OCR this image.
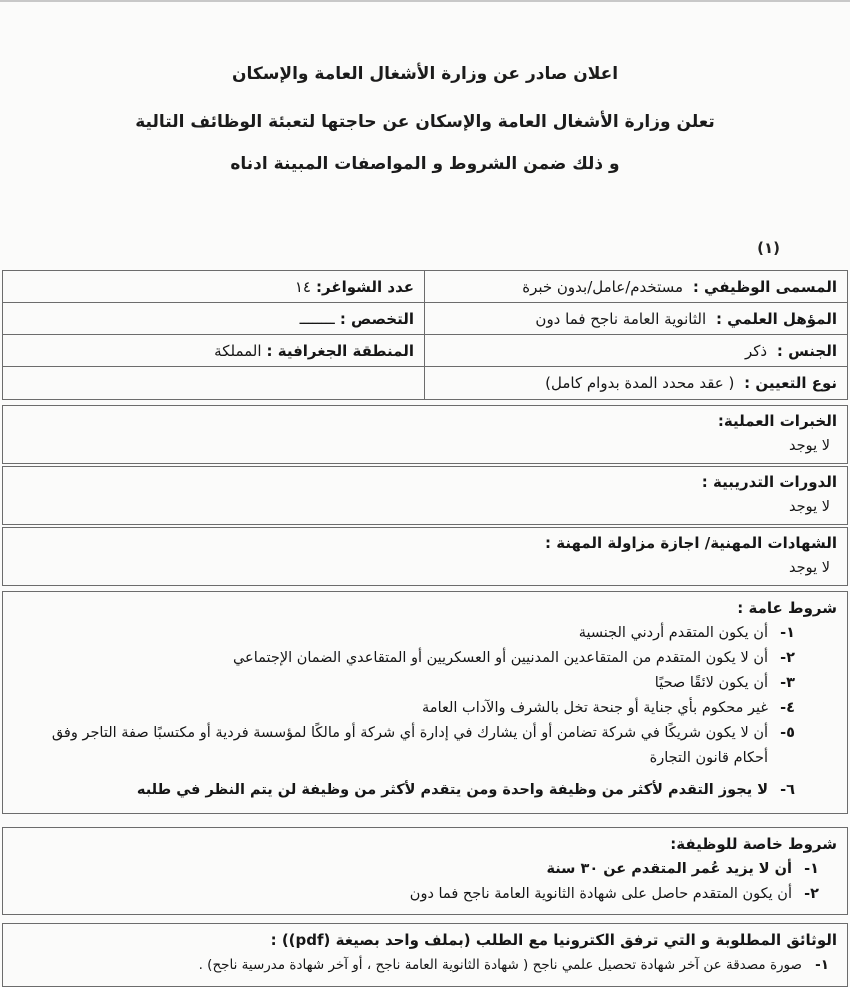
اعلان صادر عن وزارة الأشغال العامة والإسكان
تعلن وزارة الأشغال العامة والإسكان عن حاجتها لتعبئة الوظائف التالية
و ذلك ضمن الشروط و المواصفات المبينة ادناه
(١)
المسمى الوظيفي : مستخدم/عامل/بدون خبرة
عدد الشواغر:
١٤
المؤهل العلمي : الثانوية العامة ناجح فما دون
التخصص :
ــــــــ
الجنس : ذكر
المنطقة الجغرافية :
المملكة
نوع التعيين : ( عقد محدد المدة بدوام كامل)
الخبرات العملية:
لا يوجد
الدورات التدريبية :
لا يوجد
الشهادات المهنية/ اجازة مزاولة المهنة :
لا يوجد
شروط عامة :
١-
أن يكون المتقدم أردني الجنسية
٢-
أن لا يكون المتقدم من المتقاعدين المدنيين أو العسكريين أو المتقاعدي الضمان الإجتماعي
٣-
أن يكون لائقًا صحيًا
٤-
غير محكوم بأي جناية أو جنحة تخل بالشرف والآداب العامة
٥-
أن لا يكون شريكًا في شركة تضامن أو أن يشارك في إدارة أي شركة أو مالكًا لمؤسسة فردية أو مكتسبًا صفة التاجر وفق أحكام قانون التجارة
٦-
لا يجوز التقدم لأكثر من وظيفة واحدة ومن يتقدم لأكثر من وظيفة لن يتم النظر في طلبه
شروط خاصة للوظيفة:
١-
أن لا يزيد عُمر المتقدم عن ٣٠ سنة
٢-
أن يكون المتقدم حاصل على شهادة الثانوية العامة ناجح فما دون
الوثائق المطلوبة و التي ترفق الكترونيا مع الطلب (بملف واحد بصيغة (pdf)) :
١-
صورة مصدقة عن آخر شهادة تحصيل علمي ناجح ( شهادة الثانوية العامة ناجح ، أو آخر شهادة مدرسية ناجح) .
